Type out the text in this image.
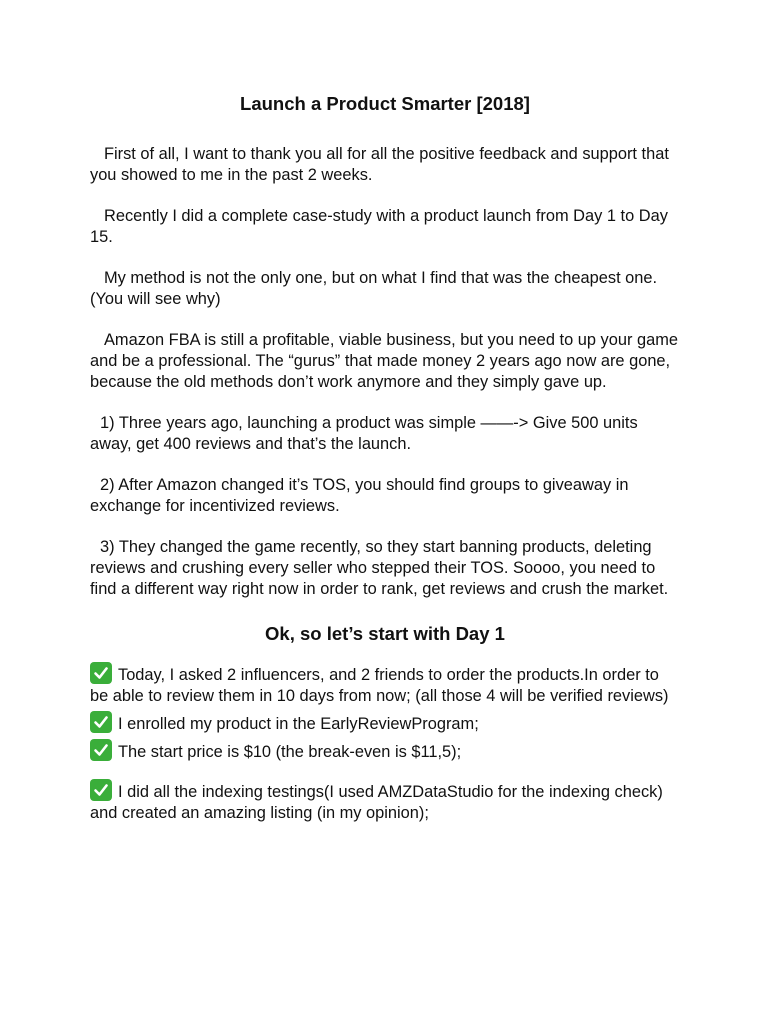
Launch a Product Smarter [2018]
First of all, I want to thank you all for all the positive feedback and support that you showed to me in the past 2 weeks.
Recently I did a complete case-study with a product launch from Day 1 to Day 15.
My method is not the only one, but on what I find that was the cheapest one. (You will see why)
Amazon FBA is still a profitable, viable business, but you need to up your game and be a professional. The “gurus” that made money 2 years ago now are gone, because the old methods don’t work anymore and they simply gave up.
1) Three years ago, launching a product was simple ——-> Give 500 units away, get 400 reviews and that’s the launch.
2) After Amazon changed it’s TOS, you should find groups to giveaway in exchange for incentivized reviews.
3) They changed the game recently, so they start banning products, deleting reviews and crushing every seller who stepped their TOS. Soooo, you need to find a different way right now in order to rank, get reviews and crush the market.
Ok, so let’s start with Day 1
Today, I asked 2 influencers, and 2 friends to order the products.In order to be able to review them in 10 days from now; (all those 4 will be verified reviews)
I enrolled my product in the EarlyReviewProgram;
The start price is $10 (the break-even is $11,5);
I did all the indexing testings(I used AMZDataStudio for the indexing check) and created an amazing listing (in my opinion);
